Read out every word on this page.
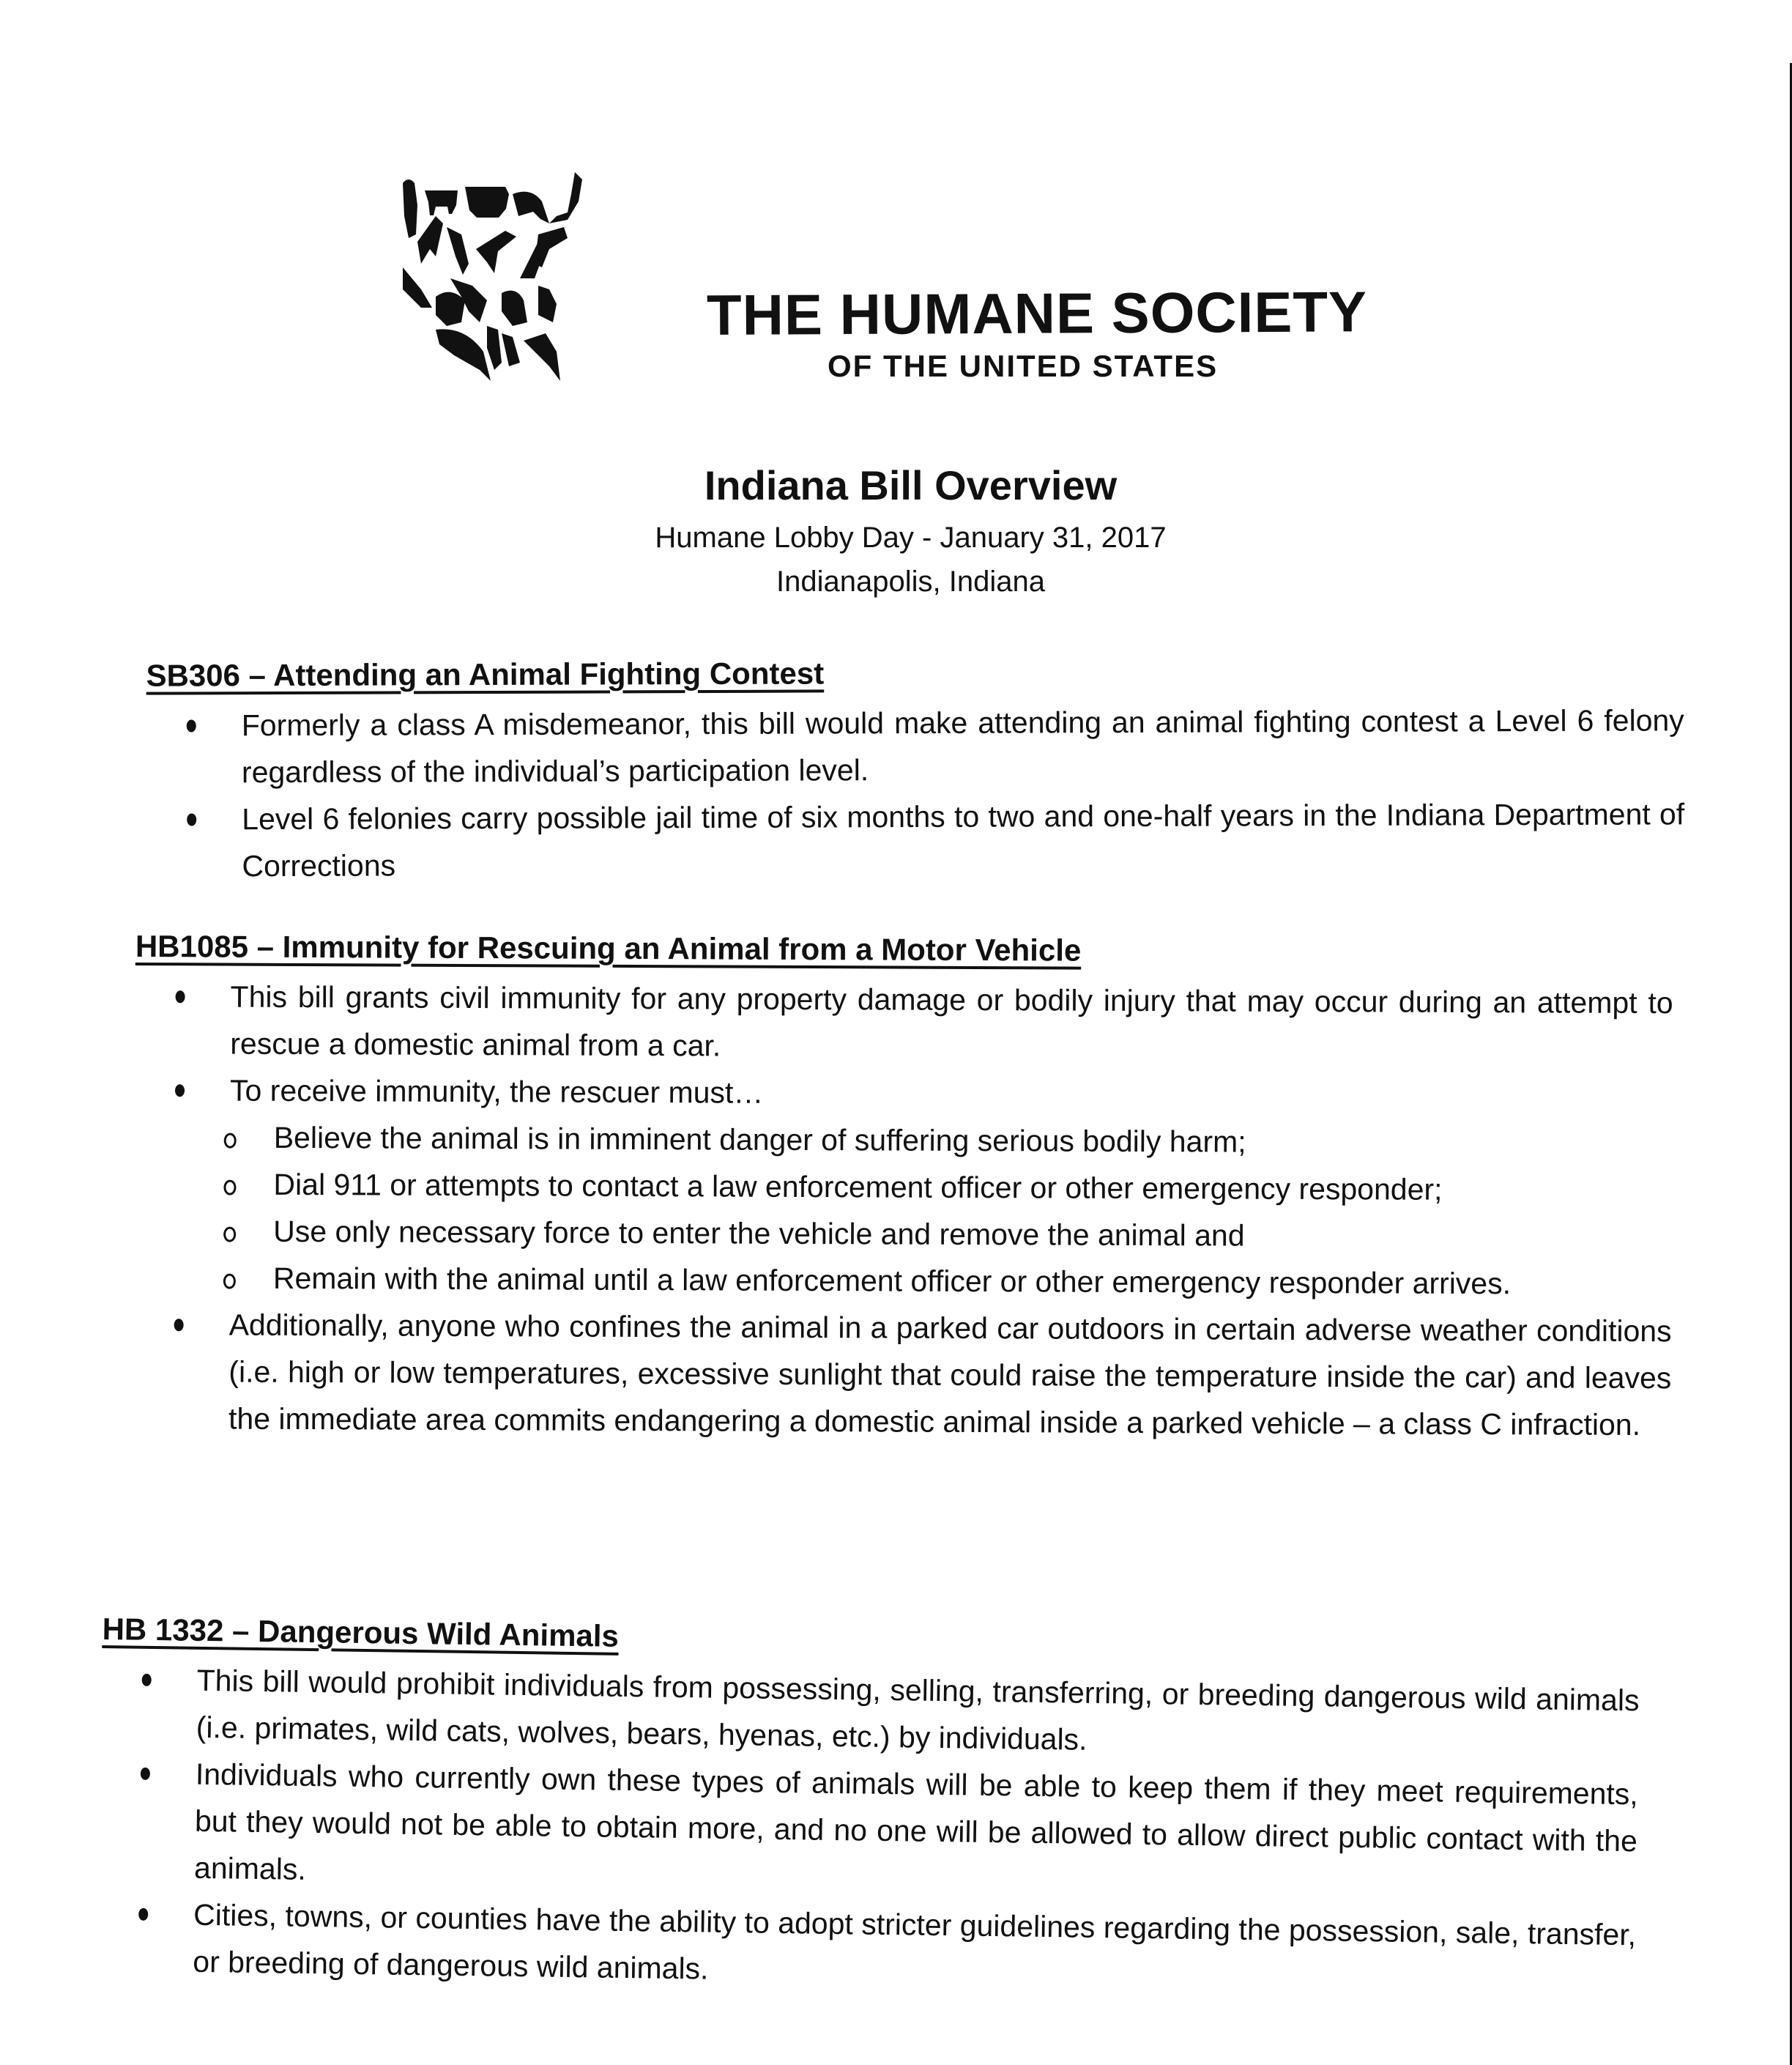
THE HUMANE SOCIETY
OF THE UNITED STATES
Indiana Bill Overview
Humane Lobby Day - January 31, 2017
Indianapolis, Indiana
SB306 – Attending an Animal Fighting Contest
Formerly a class A misdemeanor, this bill would make attending an animal fighting contest a Level 6 felony regardless of the individual’s participation level.
Level 6 felonies carry possible jail time of six months to two and one-half years in the Indiana Department of Corrections
HB1085 – Immunity for Rescuing an Animal from a Motor Vehicle
This bill grants civil immunity for any property damage or bodily injury that may occur during an attempt to rescue a domestic animal from a car.
To receive immunity, the rescuer must…
Believe the animal is in imminent danger of suffering serious bodily harm;
Dial 911 or attempts to contact a law enforcement officer or other emergency responder;
Use only necessary force to enter the vehicle and remove the animal and
Remain with the animal until a law enforcement officer or other emergency responder arrives.
Additionally, anyone who confines the animal in a parked car outdoors in certain adverse weather conditions (i.e. high or low temperatures, excessive sunlight that could raise the temperature inside the car) and leaves the immediate area commits endangering a domestic animal inside a parked vehicle – a class C infraction.
HB 1332 – Dangerous Wild Animals
This bill would prohibit individuals from possessing, selling, transferring, or breeding dangerous wild animals (i.e. primates, wild cats, wolves, bears, hyenas, etc.) by individuals.
Individuals who currently own these types of animals will be able to keep them if they meet requirements, but they would not be able to obtain more, and no one will be allowed to allow direct public contact with the animals.
Cities, towns, or counties have the ability to adopt stricter guidelines regarding the possession, sale, transfer, or breeding of dangerous wild animals.
